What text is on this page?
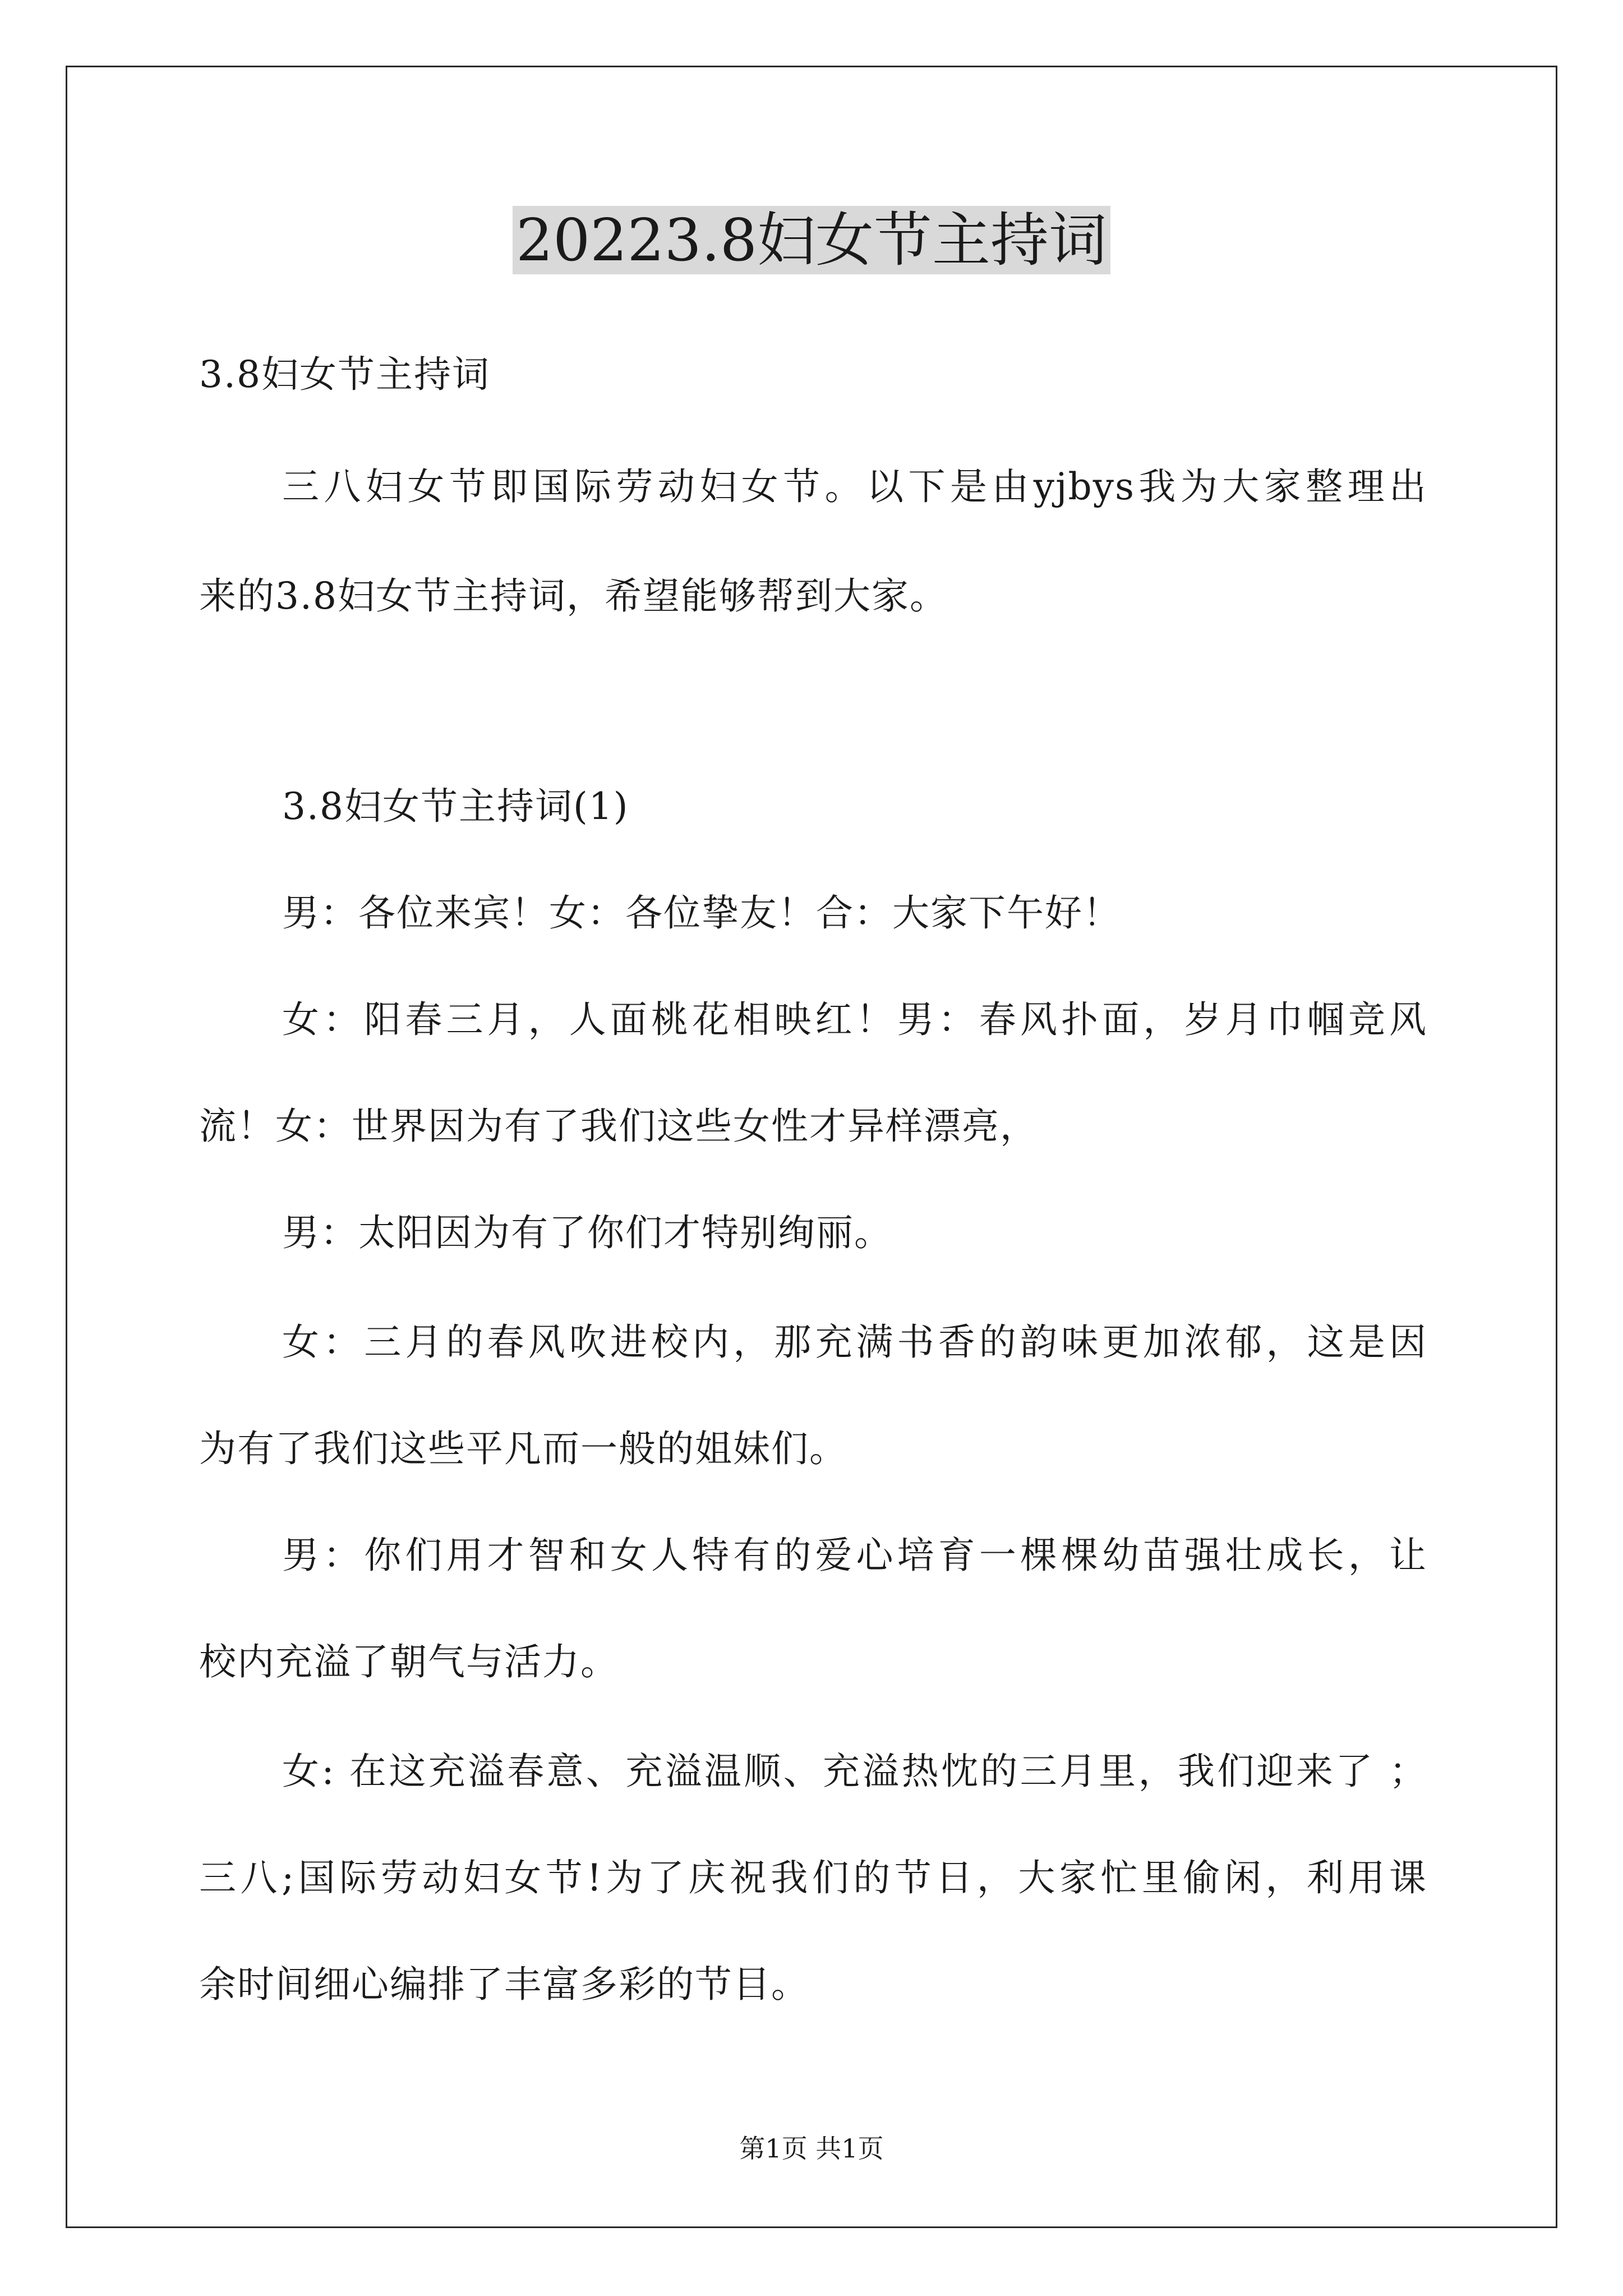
20223.8妇女节主持词
3.8妇女节主持词
三八妇女节即国际劳动妇女节。以下是由yjbys我为大家整理出
来的3.8妇女节主持词，希望能够帮到大家。
3.8妇女节主持词(1)
男：各位来宾！女：各位挚友！合：大家下午好！
女：阳春三月，人面桃花相映红！男：春风扑面，岁月巾帼竞风
流！女：世界因为有了我们这些女性才异样漂亮，
男：太阳因为有了你们才特别绚丽。
女：三月的春风吹进校内，那充满书香的韵味更加浓郁，这是因
为有了我们这些平凡而一般的姐妹们。
男：你们用才智和女人特有的爱心培育一棵棵幼苗强壮成长，让
校内充溢了朝气与活力。
女: 在这充溢春意、充溢温顺、充溢热忱的三月里，我们迎来了 ；
三八;国际劳动妇女节!为了庆祝我们的节日，大家忙里偷闲，利用课
余时间细心编排了丰富多彩的节目。
第1页 共1页
